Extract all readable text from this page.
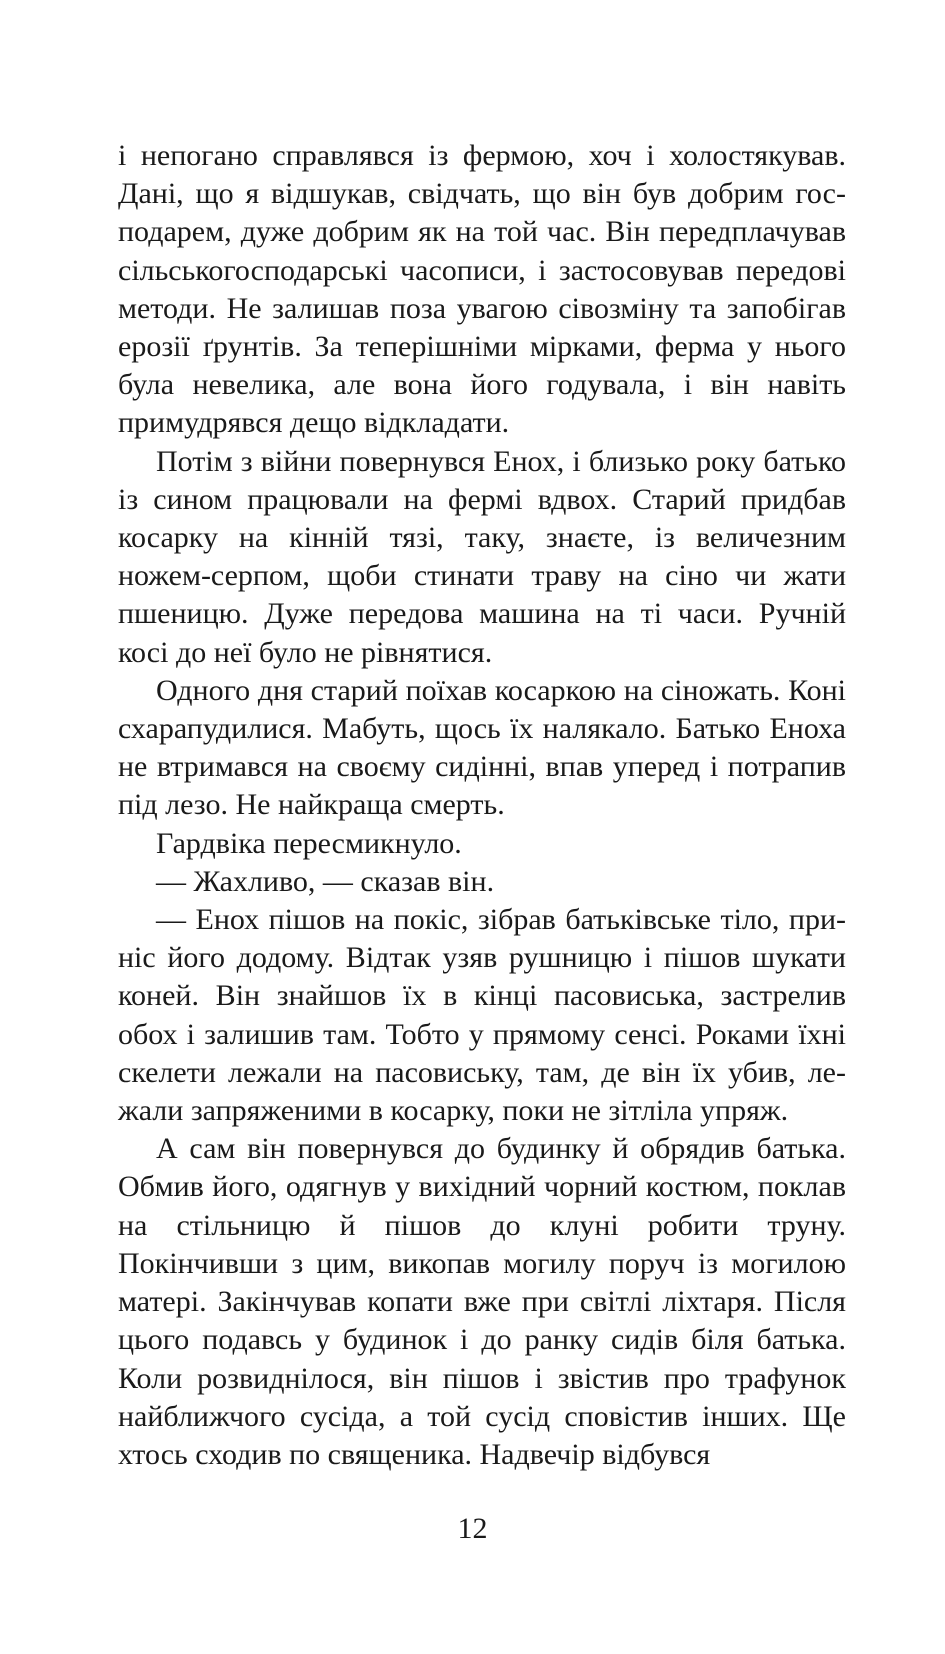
і непогано справлявся із фермою, хоч і холостякував. Дані, що я відшукав, свідчать, що він був добрим господарем, дуже добрим як на той час. Він передплачував сільськогосподарські часописи, і застосовував передові методи. Не залишав поза увагою сівозміну та запобігав ерозії ґрунтів. За теперішніми мірками, ферма у нього була невелика, але вона його годувала, і він навіть примудрявся дещо відкладати.

Потім з війни повернувся Енох, і близько року батько із сином працювали на фермі вдвох. Старий придбав косарку на кінній тязі, таку, знаєте, із величезним ножем-серпом, щоби стинати траву на сіно чи жати пшеницю. Дуже передова машина на ті часи. Ручній косі до неї було не рівнятися.

Одного дня старий поїхав косаркою на сіножать. Коні схарапудилися. Мабуть, щось їх налякало. Батько Еноха не втримався на своєму сидінні, впав уперед і потрапив під лезо. Не найкраща смерть.

Гардвіка пересмикнуло.

— Жахливо, — сказав він.

— Енох пішов на покіс, зібрав батьківське тіло, приніс його додому. Відтак узяв рушницю і пішов шукати коней. Він знайшов їх в кінці пасовиська, застрелив обох і залишив там. Тобто у прямому сенсі. Роками їхні скелети лежали на пасовиську, там, де він їх убив, лежали запряженими в косарку, поки не зітліла упряж.

А сам він повернувся до будинку й обрядив батька. Обмив його, одягнув у вихідний чорний костюм, поклав на стільницю й пішов до клуні робити труну. Покінчивши з цим, викопав могилу поруч із могилою матері. Закінчував копати вже при світлі ліхтаря. Після цього подавсь у будинок і до ранку сидів біля батька. Коли розвиднілося, він пішов і звістив про трафунок найближчого сусіда, а той сусід сповістив інших. Ще хтось сходив по священика. Надвечір відбувся

12
